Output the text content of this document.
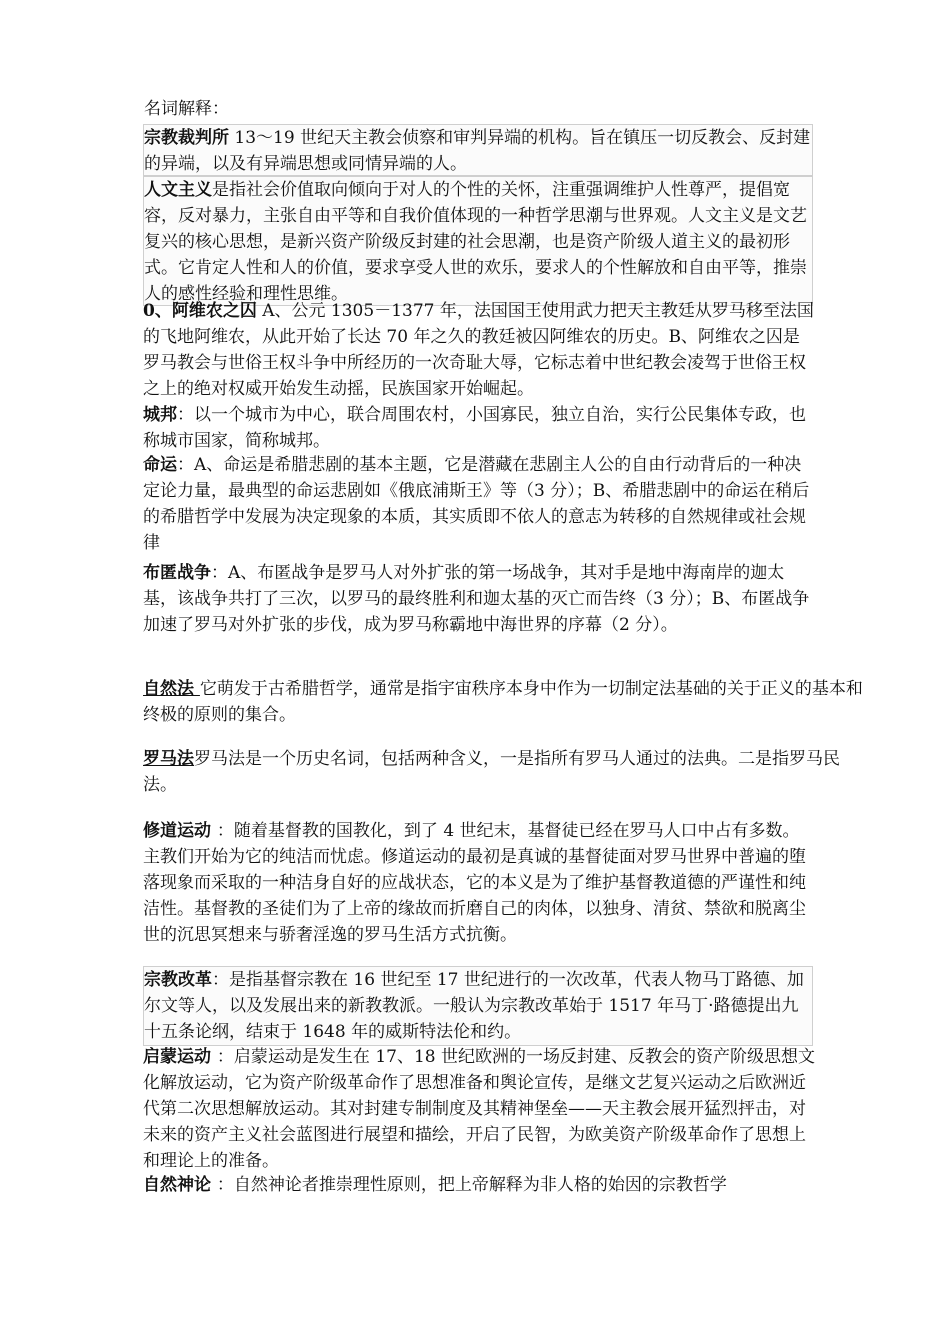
名词解释：

宗教裁判所 13～19 世纪天主教会侦察和审判异端的机构。旨在镇压一切反教会、反封建的异端，以及有异端思想或同情异端的人。

人文主义是指社会价值取向倾向于对人的个性的关怀，注重强调维护人性尊严，提倡宽容，反对暴力，主张自由平等和自我价值体现的一种哲学思潮与世界观。人文主义是文艺复兴的核心思想，是新兴资产阶级反封建的社会思潮，也是资产阶级人道主义的最初形式。它肯定人性和人的价值，要求享受人世的欢乐，要求人的个性解放和自由平等，推崇人的感性经验和理性思维。

0、阿维农之囚 A、公元 1305－1377 年，法国国王使用武力把天主教廷从罗马移至法国的飞地阿维农，从此开始了长达 70 年之久的教廷被囚阿维农的历史。B、阿维农之囚是罗马教会与世俗王权斗争中所经历的一次奇耻大辱，它标志着中世纪教会凌驾于世俗王权之上的绝对权威开始发生动摇，民族国家开始崛起。

城邦：以一个城市为中心，联合周围农村，小国寡民，独立自治，实行公民集体专政，也称城市国家，简称城邦。

命运：A、命运是希腊悲剧的基本主题，它是潜藏在悲剧主人公的自由行动背后的一种决定论力量，最典型的命运悲剧如《俄底浦斯王》等（3 分）；B、希腊悲剧中的命运在稍后的希腊哲学中发展为决定现象的本质，其实质即不依人的意志为转移的自然规律或社会规律

布匿战争：A、布匿战争是罗马人对外扩张的第一场战争，其对手是地中海南岸的迦太基，该战争共打了三次，以罗马的最终胜利和迦太基的灭亡而告终（3 分）；B、布匿战争加速了罗马对外扩张的步伐，成为罗马称霸地中海世界的序幕（2 分）。

自然法 它萌发于古希腊哲学，通常是指宇宙秩序本身中作为一切制定法基础的关于正义的基本和终极的原则的集合。

罗马法罗马法是一个历史名词，包括两种含义，一是指所有罗马人通过的法典。二是指罗马民法。

修道运动 ：随着基督教的国教化，到了 4 世纪末，基督徒已经在罗马人口中占有多数。主教们开始为它的纯洁而忧虑。修道运动的最初是真诚的基督徒面对罗马世界中普遍的堕落现象而采取的一种洁身自好的应战状态，它的本义是为了维护基督教道德的严谨性和纯洁性。基督教的圣徒们为了上帝的缘故而折磨自己的肉体，以独身、清贫、禁欲和脱离尘世的沉思冥想来与骄奢淫逸的罗马生活方式抗衡。

宗教改革：是指基督宗教在 16 世纪至 17 世纪进行的一次改革，代表人物马丁路德、加尔文等人，以及发展出来的新教教派。一般认为宗教改革始于 1517 年马丁·路德提出九十五条论纲，结束于 1648 年的威斯特法伦和约。

启蒙运动 ：启蒙运动是发生在 17、18 世纪欧洲的一场反封建、反教会的资产阶级思想文化解放运动，它为资产阶级革命作了思想准备和舆论宣传，是继文艺复兴运动之后欧洲近代第二次思想解放运动。其对封建专制制度及其精神堡垒——天主教会展开猛烈抨击，对未来的资产主义社会蓝图进行展望和描绘，开启了民智，为欧美资产阶级革命作了思想上和理论上的准备。

自然神论 ：自然神论者推崇理性原则，把上帝解释为非人格的始因的宗教哲学
